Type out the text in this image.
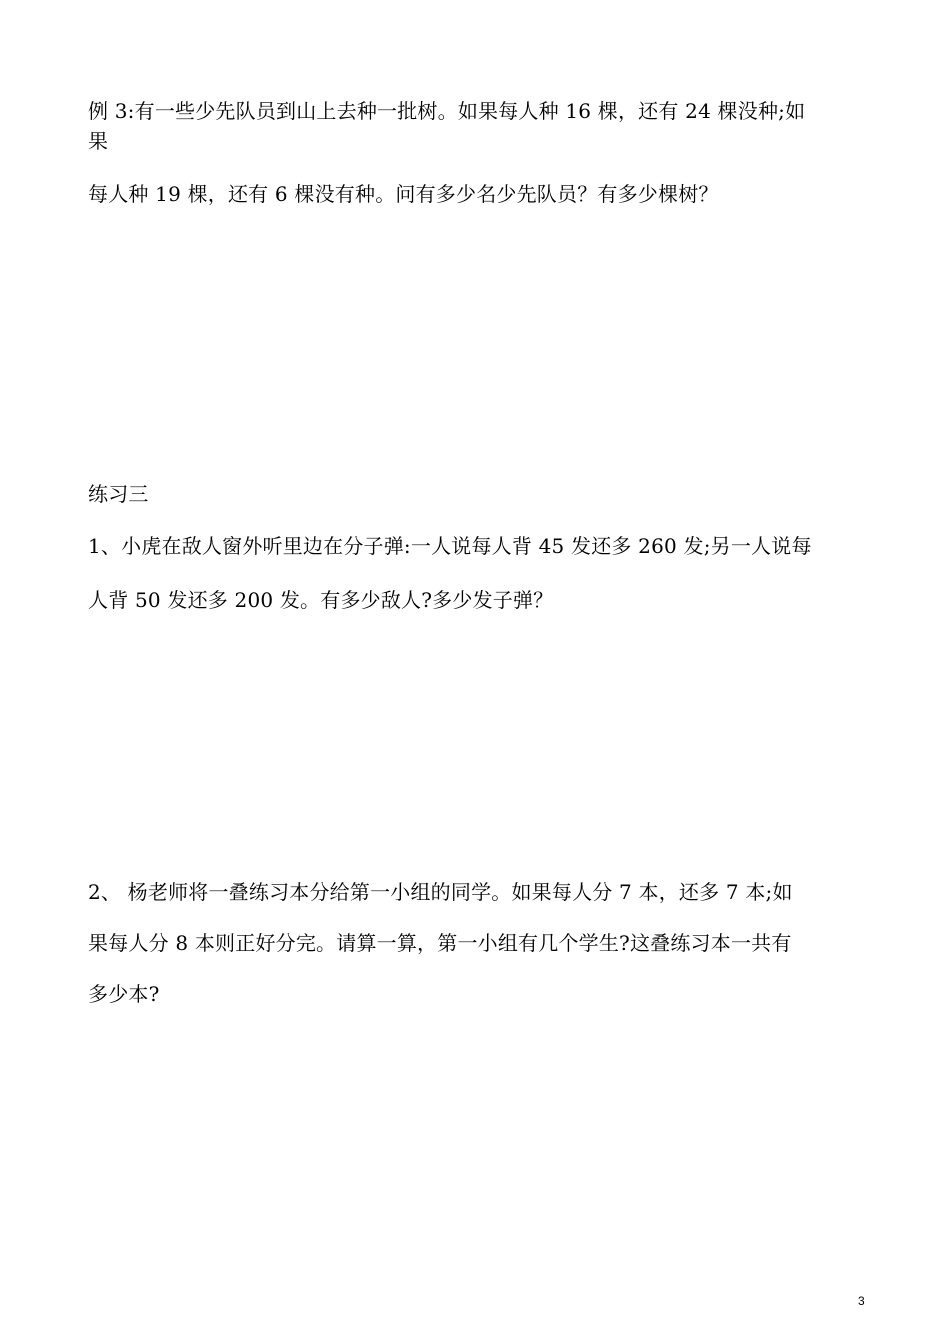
例 3:有一些少先队员到山上去种一批树。如果每人种 16 棵，还有 24 棵没种;如
果
每人种 19 棵，还有 6 棵没有种。问有多少名少先队员？有多少棵树？
练习三
1、小虎在敌人窗外听里边在分子弹:一人说每人背 45 发还多 260 发;另一人说每
人背 50 发还多 200 发。有多少敌人?多少发子弹？
2、 杨老师将一叠练习本分给第一小组的同学。如果每人分 7 本，还多 7 本;如
果每人分 8 本则正好分完。请算一算，第一小组有几个学生?这叠练习本一共有
多少本?
3
